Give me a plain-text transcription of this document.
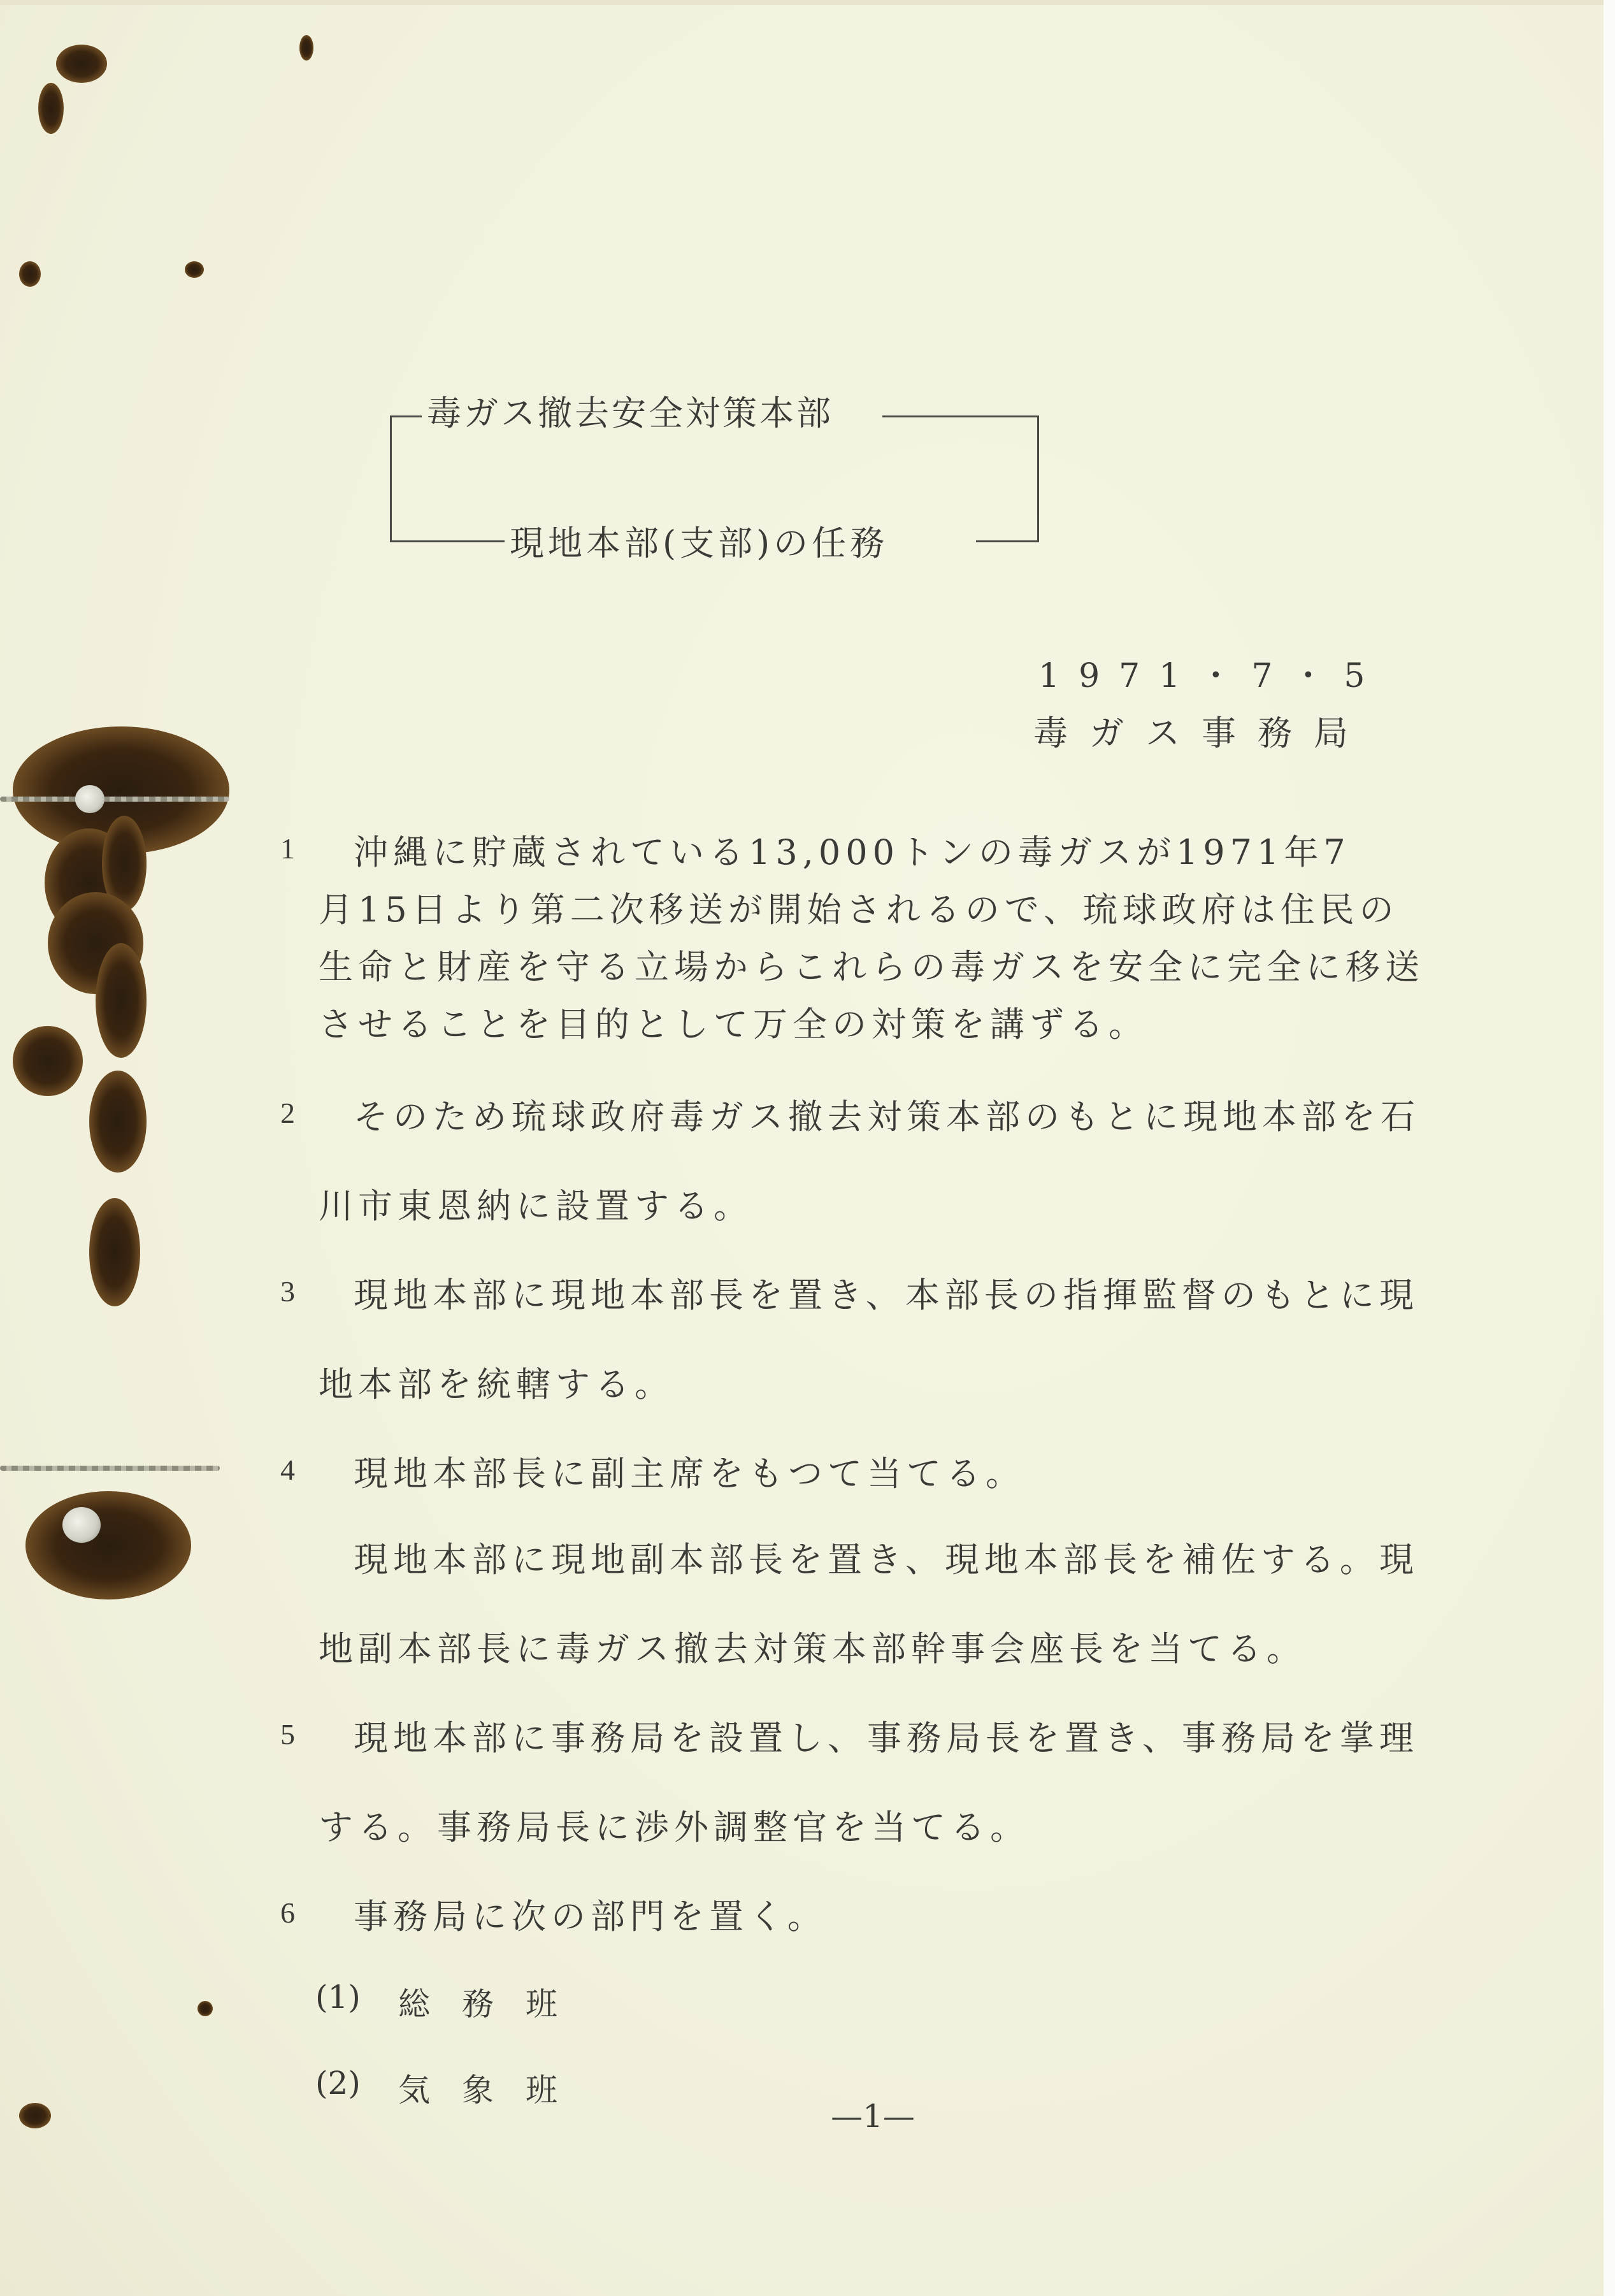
毒ガス撤去安全対策本部
現地本部(支部)の任務
1971・7・5
毒ガス事務局
1	沖縄に貯蔵されている13,000トンの毒ガスが1971年7
月15日より第二次移送が開始されるので、琉球政府は住民の
生命と財産を守る立場からこれらの毒ガスを安全に完全に移送
させることを目的として万全の対策を講ずる。
2	そのため琉球政府毒ガス撤去対策本部のもとに現地本部を石
川市東恩納に設置する。
3	現地本部に現地本部長を置き、本部長の指揮監督のもとに現
地本部を統轄する。
4	現地本部長に副主席をもつて当てる。
現地本部に現地副本部長を置き、現地本部長を補佐する。現
地副本部長に毒ガス撤去対策本部幹事会座長を当てる。
5	現地本部に事務局を設置し、事務局長を置き、事務局を掌理
する。事務局長に渉外調整官を当てる。
6	事務局に次の部門を置く。
(1) 総　務　班
(2) 気　象　班
—1—
